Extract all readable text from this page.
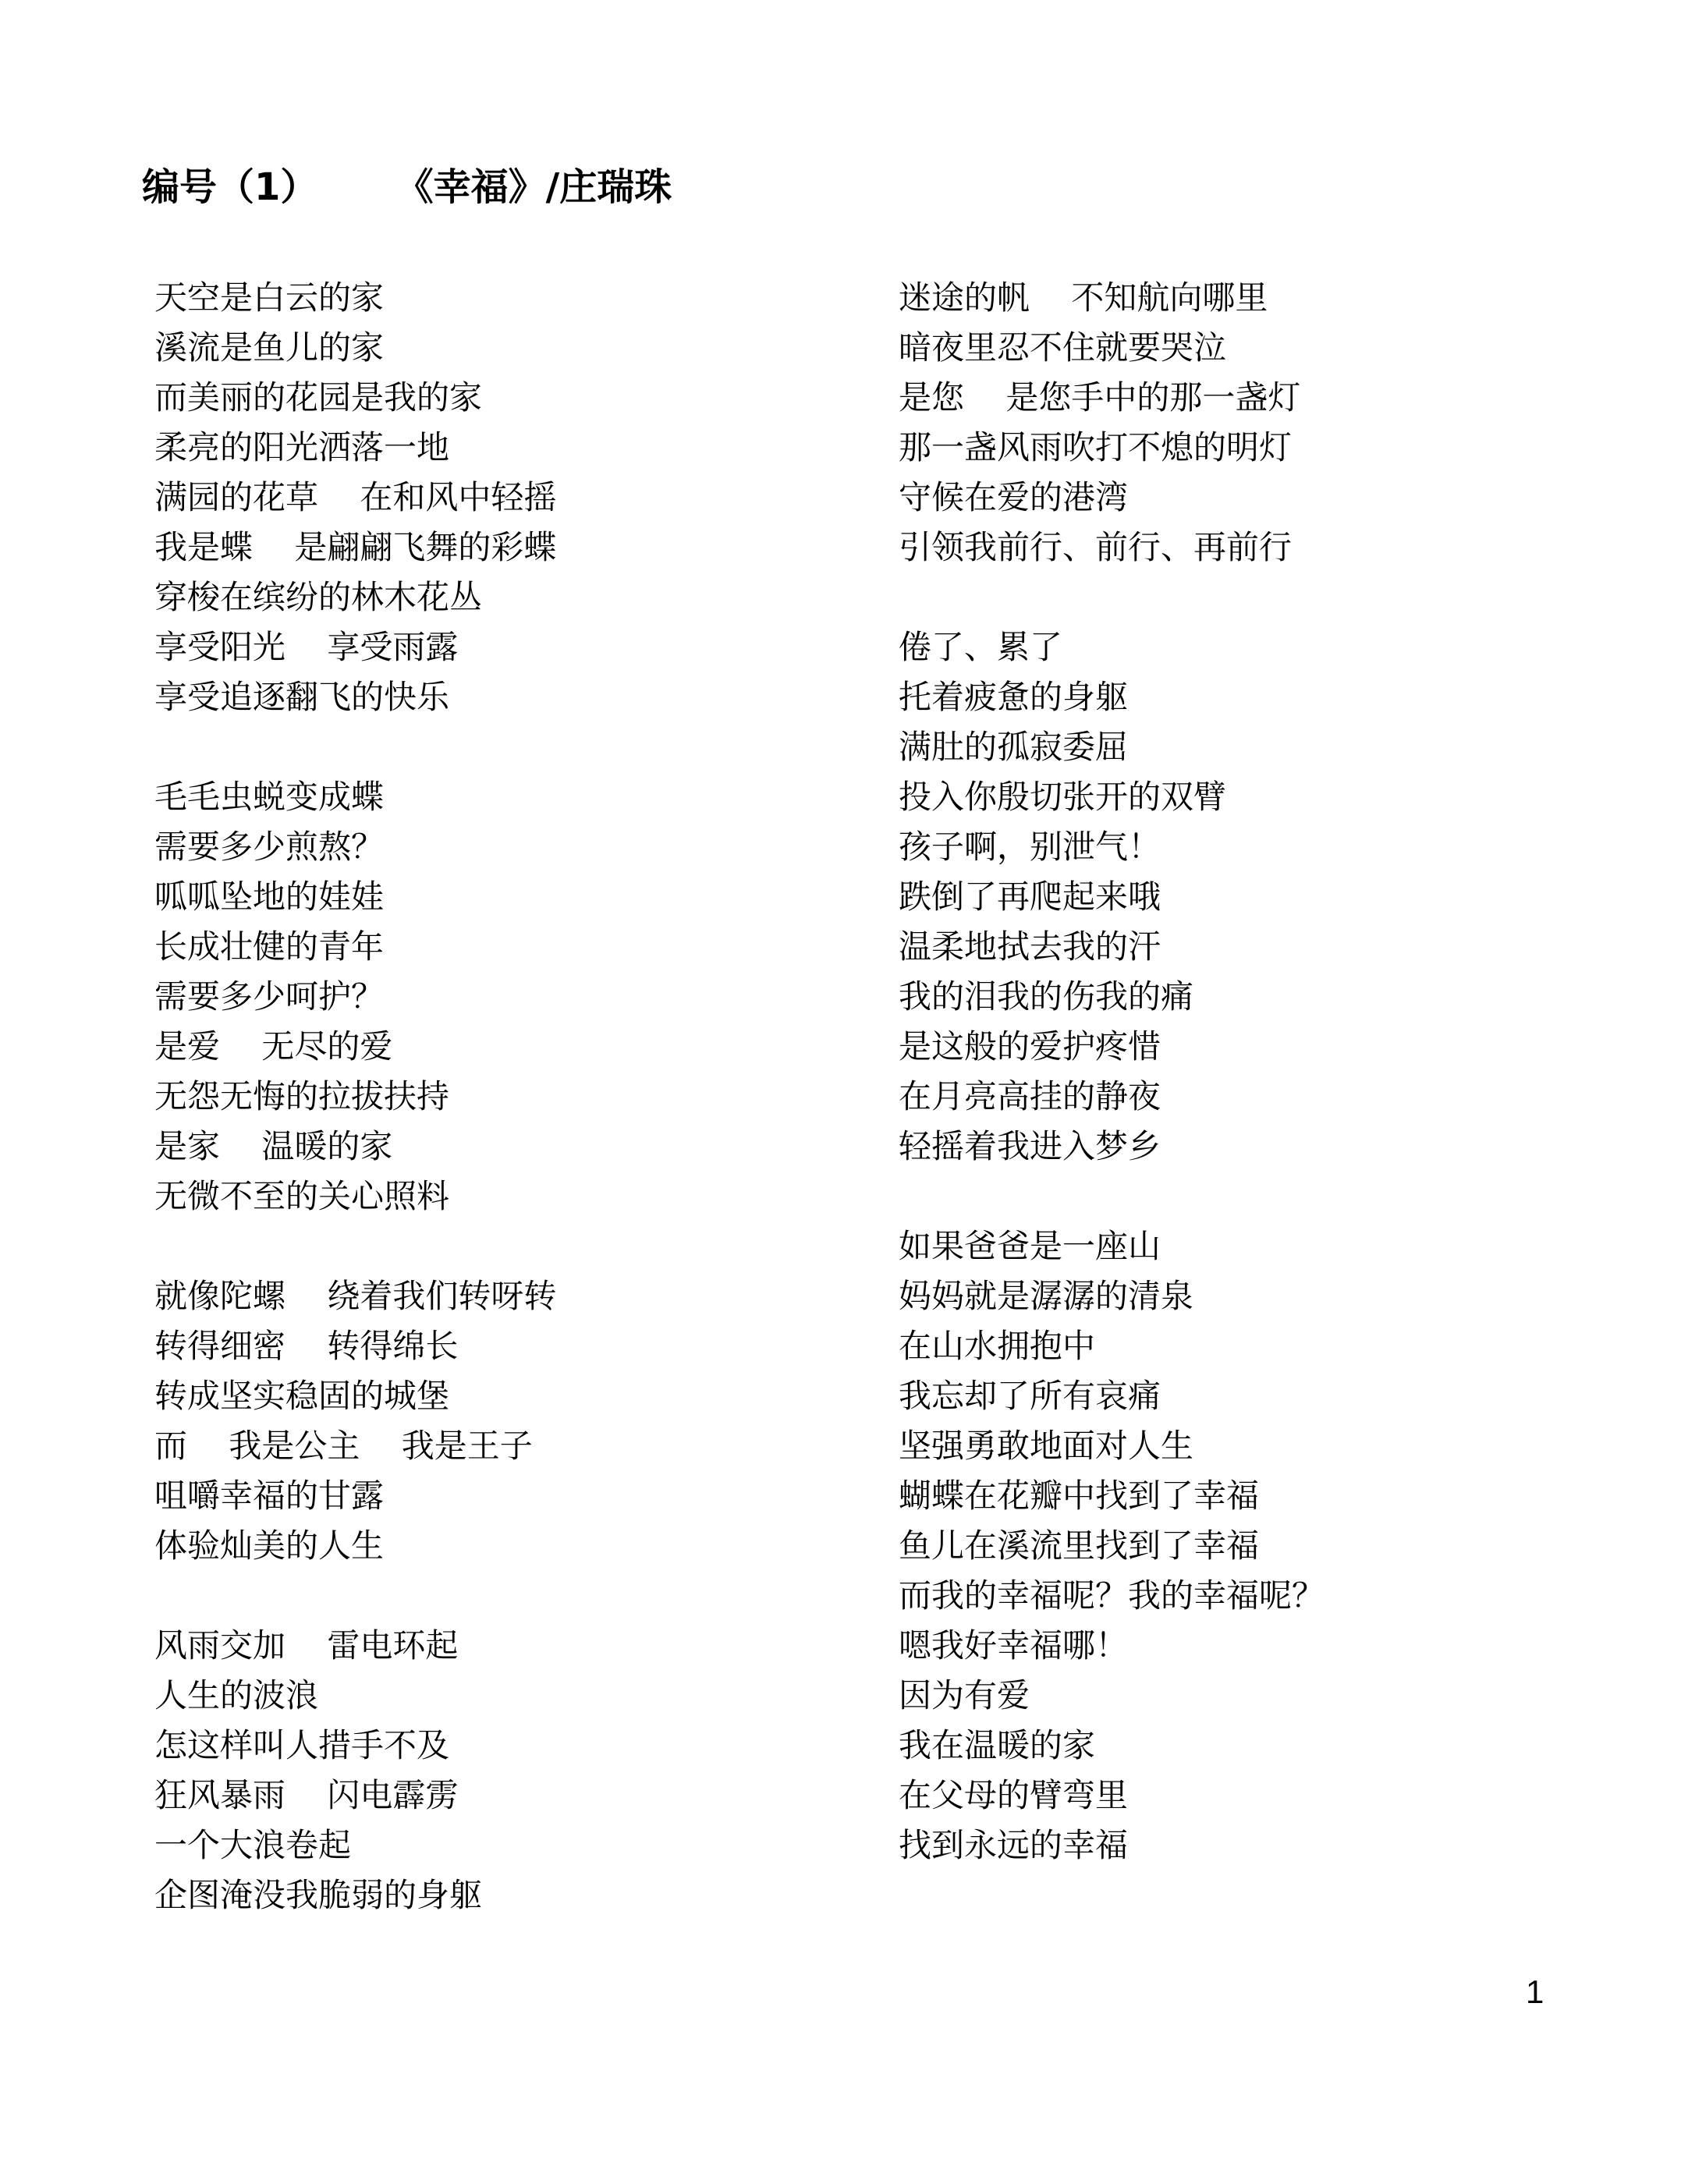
编号（1）      《幸福》/庄瑞珠
天空是白云的家
溪流是鱼儿的家
而美丽的花园是我的家
柔亮的阳光洒落一地
满园的花草    在和风中轻摇
我是蝶    是翩翩飞舞的彩蝶
穿梭在缤纷的林木花丛
享受阳光    享受雨露
享受追逐翻飞的快乐
毛毛虫蜕变成蝶
需要多少煎熬？
呱呱坠地的娃娃
长成壮健的青年
需要多少呵护？
是爱    无尽的爱
无怨无悔的拉拔扶持
是家    温暖的家
无微不至的关心照料
就像陀螺    绕着我们转呀转
转得细密    转得绵长
转成坚实稳固的城堡
而    我是公主    我是王子
咀嚼幸福的甘露
体验灿美的人生
风雨交加    雷电环起
人生的波浪
怎这样叫人措手不及
狂风暴雨    闪电霹雳
一个大浪卷起
企图淹没我脆弱的身躯
迷途的帆    不知航向哪里
暗夜里忍不住就要哭泣
是您    是您手中的那一盏灯
那一盏风雨吹打不熄的明灯
守候在爱的港湾
引领我前行、前行、再前行
倦了、累了
托着疲惫的身躯
满肚的孤寂委屈
投入你殷切张开的双臂
孩子啊，别泄气！
跌倒了再爬起来哦
温柔地拭去我的汗
我的泪我的伤我的痛
是这般的爱护疼惜
在月亮高挂的静夜
轻摇着我进入梦乡
如果爸爸是一座山
妈妈就是潺潺的清泉
在山水拥抱中
我忘却了所有哀痛
坚强勇敢地面对人生
蝴蝶在花瓣中找到了幸福
鱼儿在溪流里找到了幸福
而我的幸福呢？我的幸福呢？
嗯我好幸福哪！
因为有爱
我在温暖的家
在父母的臂弯里
找到永远的幸福
1
